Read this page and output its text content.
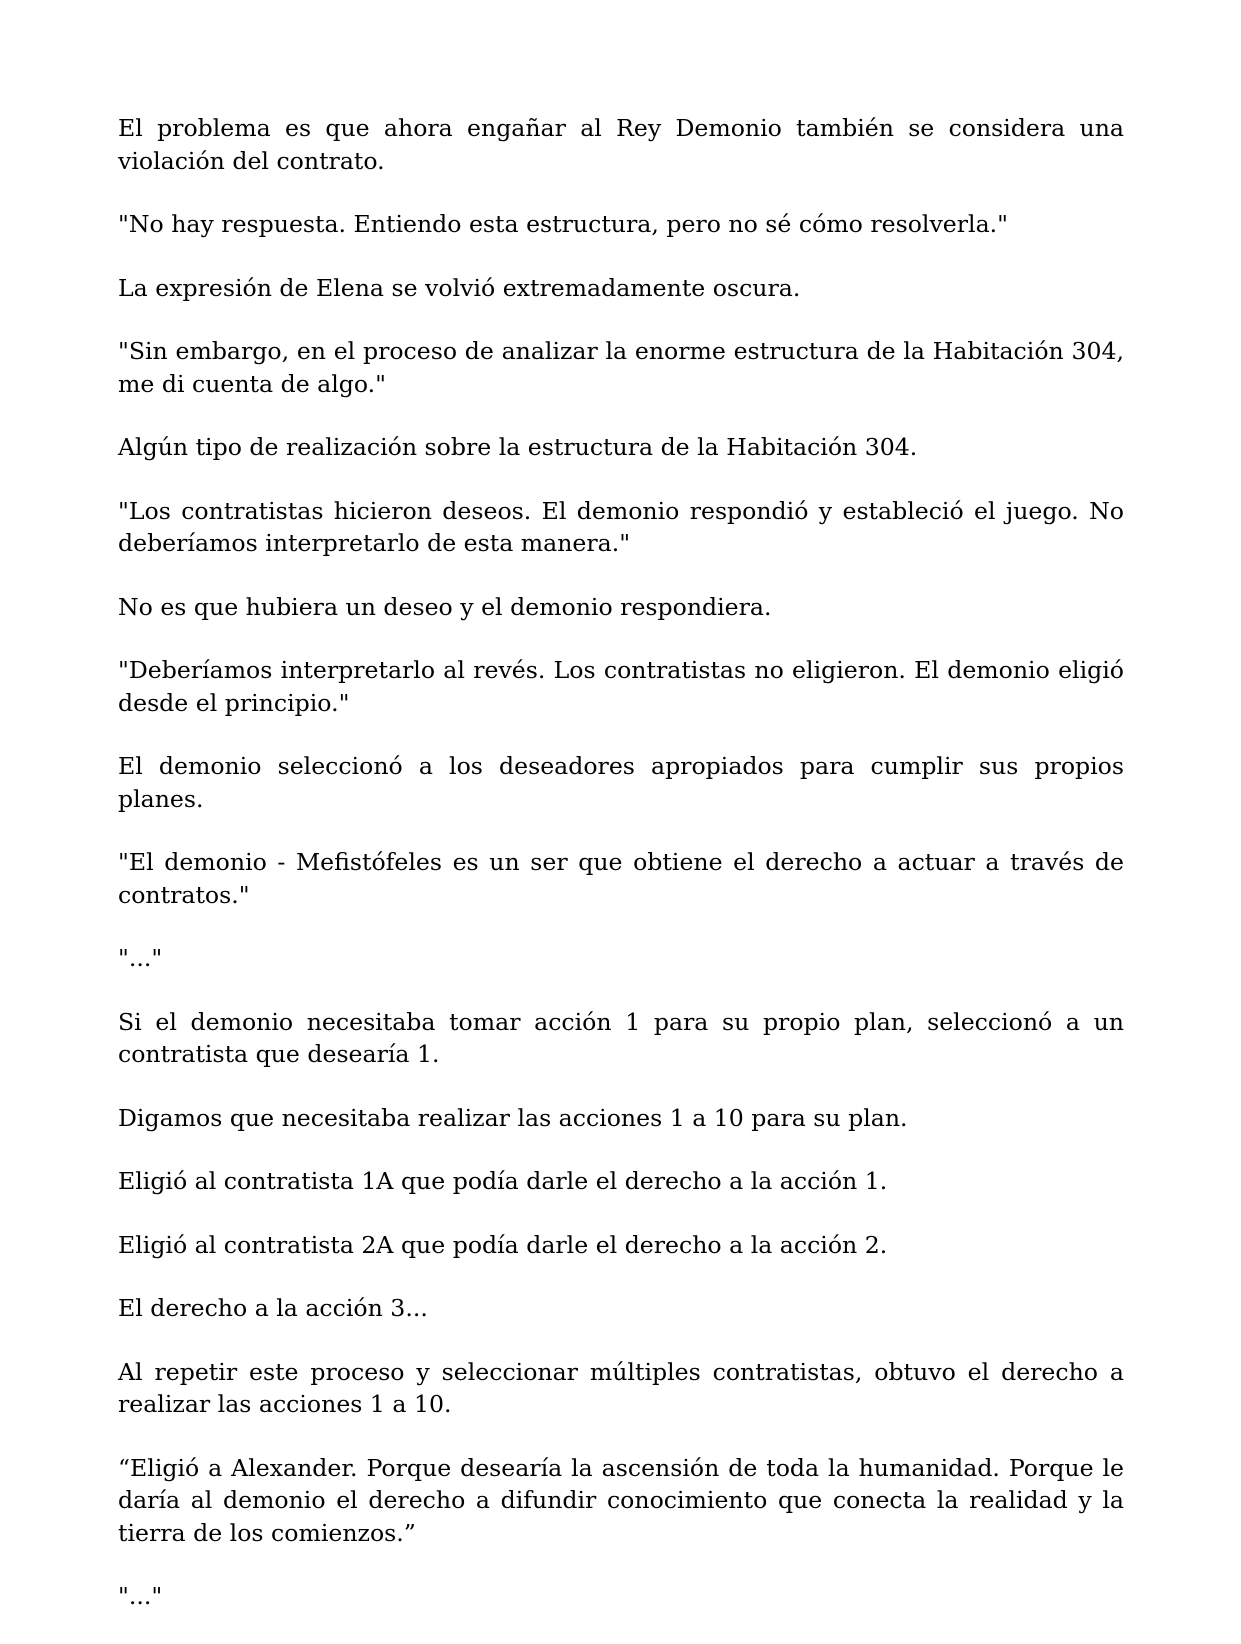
El problema es que ahora engañar al Rey Demonio también se considera una violación del contrato.

"No hay respuesta. Entiendo esta estructura, pero no sé cómo resolverla."

La expresión de Elena se volvió extremadamente oscura.

"Sin embargo, en el proceso de analizar la enorme estructura de la Habitación 304, me di cuenta de algo."

Algún tipo de realización sobre la estructura de la Habitación 304.

"Los contratistas hicieron deseos. El demonio respondió y estableció el juego. No deberíamos interpretarlo de esta manera."

No es que hubiera un deseo y el demonio respondiera.

"Deberíamos interpretarlo al revés. Los contratistas no eligieron. El demonio eligió desde el principio."

El demonio seleccionó a los deseadores apropiados para cumplir sus propios planes.

"El demonio - Mefistófeles es un ser que obtiene el derecho a actuar a través de contratos."

"..."

Si el demonio necesitaba tomar acción 1 para su propio plan, seleccionó a un contratista que desearía 1.

Digamos que necesitaba realizar las acciones 1 a 10 para su plan.

Eligió al contratista 1A que podía darle el derecho a la acción 1.

Eligió al contratista 2A que podía darle el derecho a la acción 2.

El derecho a la acción 3...

Al repetir este proceso y seleccionar múltiples contratistas, obtuvo el derecho a realizar las acciones 1 a 10.

“Eligió a Alexander. Porque desearía la ascensión de toda la humanidad. Porque le daría al demonio el derecho a difundir conocimiento que conecta la realidad y la tierra de los comienzos.”

"..."
